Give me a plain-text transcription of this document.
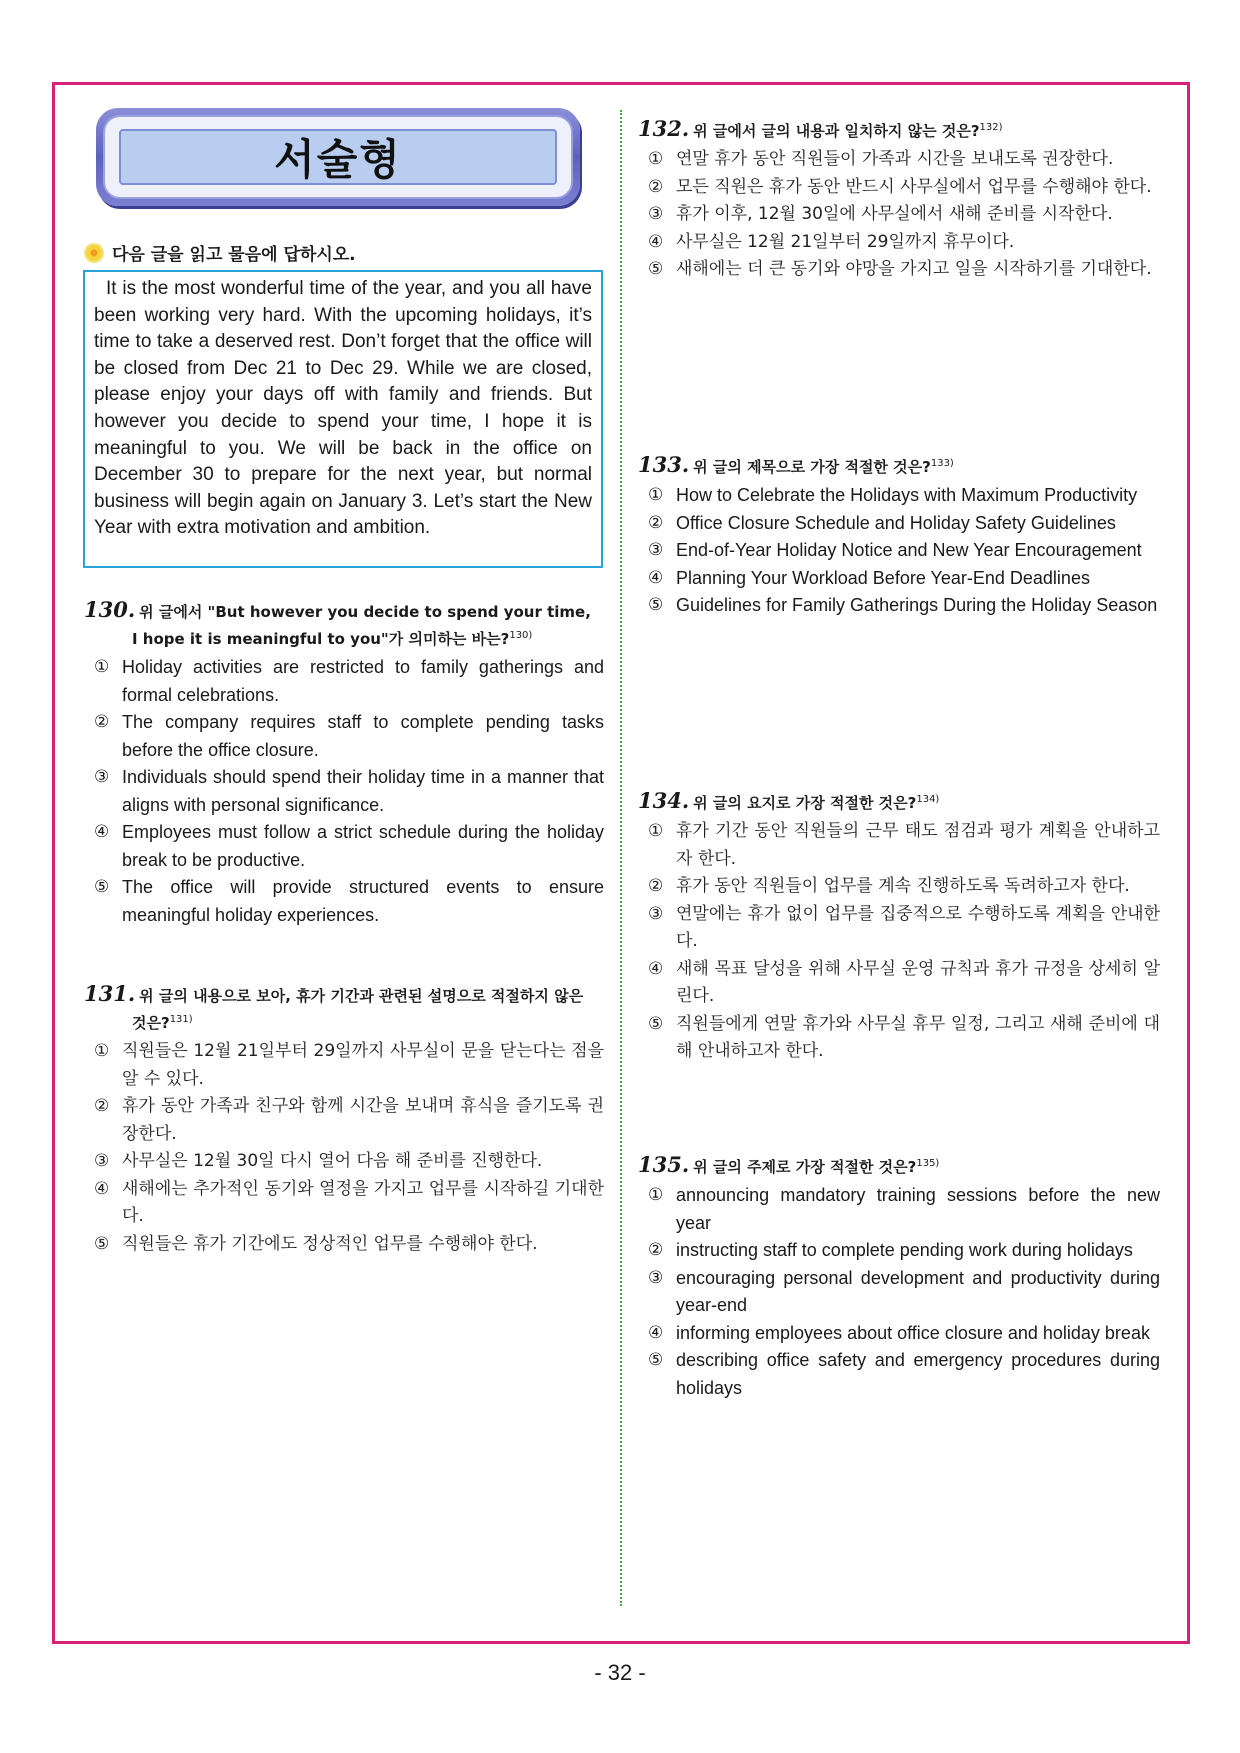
서술형
다음 글을 읽고 물음에 답하시오.
It is the most wonderful time of the year, and you all have been working very hard. With the upcoming holidays, it’s time to take a deserved rest. Don’t forget that the office will be closed from Dec 21 to Dec 29. While we are closed, please enjoy your days off with family and friends. But however you decide to spend your time, I hope it is meaningful to you. We will be back in the office on December 30 to prepare for the next year, but normal business will begin again on January 3. Let’s start the New Year with extra motivation and ambition.
130. 위 글에서 "But however you decide to spend your time,
I hope it is meaningful to you"가 의미하는 바는?$^{130)}$
① Holiday activities are restricted to family gatherings and formal celebrations.
② The company requires staff to complete pending tasks before the office closure.
③ Individuals should spend their holiday time in a manner that aligns with personal significance.
④ Employees must follow a strict schedule during the holiday break to be productive.
⑤ The office will provide structured events to ensure meaningful holiday experiences.
131. 위 글의 내용으로 보아, 휴가 기간과 관련된 설명으로 적절하지 않은
것은?$^{131)}$
① 직원들은 12월 21일부터 29일까지 사무실이 문을 닫는다는 점을 알 수 있다.
② 휴가 동안 가족과 친구와 함께 시간을 보내며 휴식을 즐기도록 권장한다.
③ 사무실은 12월 30일 다시 열어 다음 해 준비를 진행한다.
④ 새해에는 추가적인 동기와 열정을 가지고 업무를 시작하길 기대한다.
⑤ 직원들은 휴가 기간에도 정상적인 업무를 수행해야 한다.
132. 위 글에서 글의 내용과 일치하지 않는 것은?$^{132)}$
① 연말 휴가 동안 직원들이 가족과 시간을 보내도록 권장한다.
② 모든 직원은 휴가 동안 반드시 사무실에서 업무를 수행해야 한다.
③ 휴가 이후, 12월 30일에 사무실에서 새해 준비를 시작한다.
④ 사무실은 12월 21일부터 29일까지 휴무이다.
⑤ 새해에는 더 큰 동기와 야망을 가지고 일을 시작하기를 기대한다.
133. 위 글의 제목으로 가장 적절한 것은?$^{133)}$
① How to Celebrate the Holidays with Maximum Productivity
② Office Closure Schedule and Holiday Safety Guidelines
③ End-of-Year Holiday Notice and New Year Encouragement
④ Planning Your Workload Before Year-End Deadlines
⑤ Guidelines for Family Gatherings During the Holiday Season
134. 위 글의 요지로 가장 적절한 것은?$^{134)}$
① 휴가 기간 동안 직원들의 근무 태도 점검과 평가 계획을 안내하고자 한다.
② 휴가 동안 직원들이 업무를 계속 진행하도록 독려하고자 한다.
③ 연말에는 휴가 없이 업무를 집중적으로 수행하도록 계획을 안내한다.
④ 새해 목표 달성을 위해 사무실 운영 규칙과 휴가 규정을 상세히 알린다.
⑤ 직원들에게 연말 휴가와 사무실 휴무 일정, 그리고 새해 준비에 대해 안내하고자 한다.
135. 위 글의 주제로 가장 적절한 것은?$^{135)}$
① announcing mandatory training sessions before the new year
② instructing staff to complete pending work during holidays
③ encouraging personal development and productivity during year-end
④ informing employees about office closure and holiday break
⑤ describing office safety and emergency procedures during holidays
- 32 -
